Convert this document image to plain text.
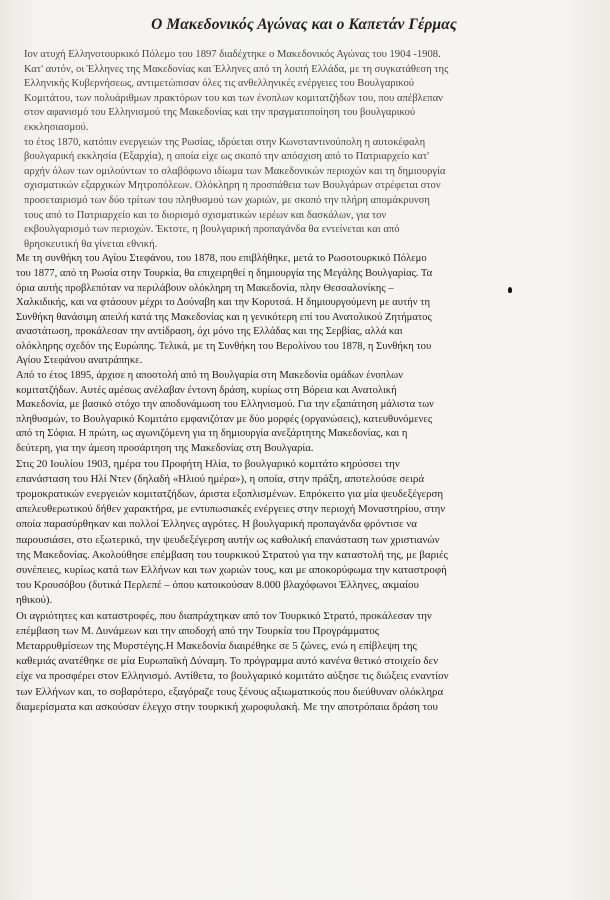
Ο Μακεδονικός Αγώνας και ο Καπετάν Γέρμας

Ιον ατυχή Ελληνοτουρκικό Πόλεμο του 1897 διαδέχτηκε ο Μακεδονικός Αγώνας του 1904 -1908.
Κατ' αυτόν, οι Έλληνες της Μακεδονίας και Έλληνες από τη λοιπή Ελλάδα, με τη συγκατάθεση της
Ελληνικής Κυβερνήσεως, αντιμετώπισαν όλες τις ανθελληνικές ενέργειες του Βουλγαρικού
Κομιτάτου, των πολυάριθμων πρακτόρων του και των ένοπλων κομιτατζήδων του, που απέβλεπαν
στον αφανισμό του Ελληνισμού της Μακεδονίας και την πραγματοποίηση του βουλγαρικού
εκκλησιασμού.

το έτος 1870, κατόπιν ενεργειών της Ρωσίας, ιδρύεται στην Κωνσταντινούπολη η αυτοκέφαλη
βουλγαρική εκκλησία (Εξαρχία), η οποία είχε ως σκοπό την απόσχιση από το Πατριαρχείο κατ'
αρχήν όλων των ομιλούντων το σλαβόφωνο ιδίωμα των Μακεδονικών περιοχών και τη δημιουργία
σχισματικών εξαρχικών Μητροπόλεων. Ολόκληρη η προσπάθεια των Βουλγάρων στρέφεται στον
προσεταιρισμό των δύο τρίτων του πληθυσμού των χωριών, με σκοπό την πλήρη απομάκρυνση
τους από το Πατριαρχείο και το διορισμό σχισματικών ιερέων και δασκάλων, για τον
εκβουλγαρισμό των περιοχών. Έκτοτε, η βουλγαρική προπαγάνδα θα εντείνεται και από
θρησκευτική θα γίνεται εθνική.

Με τη συνθήκη του Αγίου Στεφάνου, του 1878, που επιβλήθηκε, μετά το Ρωσοτουρκικό Πόλεμο
του 1877, από τη Ρωσία στην Τουρκία, θα επιχειρηθεί η δημιουργία της Μεγάλης Βουλγαρίας. Τα
όρια αυτής προβλεπόταν να περιλάβουν ολόκληρη τη Μακεδονία, πλην Θεσσαλονίκης –
Χαλκιδικής, και να φτάσουν μέχρι το Δούναβη και την Κορυτσά. Η δημιουργούμενη με αυτήν τη
Συνθήκη θανάσιμη απειλή κατά της Μακεδονίας και η γενικότερη επί του Ανατολικού Ζητήματος
αναστάτωση, προκάλεσαν την αντίδραση, όχι μόνο της Ελλάδας και της Σερβίας, αλλά και
ολόκληρης σχεδόν της Ευρώπης. Τελικά, με τη Συνθήκη του Βερολίνου του 1878, η Συνθήκη του
Αγίου Στεφάνου ανατράπηκε.

Από το έτος 1895, άρχισε η αποστολή από τη Βουλγαρία στη Μακεδονία ομάδων ένοπλων
κομιτατζήδων. Αυτές αμέσως ανέλαβαν έντονη δράση, κυρίως στη Βόρεια και Ανατολική
Μακεδονία, με βασικό στόχο την αποδυνάμωση του Ελληνισμού. Για την εξαπάτηση μάλιστα των
πληθυσμών, το Βουλγαρικό Κομιτάτο εμφανιζόταν με δύο μορφές (οργανώσεις), κατευθυνόμενες
από τη Σόφια. Η πρώτη, ως αγωνιζόμενη για τη δημιουργία ανεξάρτητης Μακεδονίας, και η
δεύτερη, για την άμεση προσάρτηση της Μακεδονίας στη Βουλγαρία.

Στις 20 Ιουλίου 1903, ημέρα του Προφήτη Ηλία, το βουλγαρικό κομιτάτο κηρύσσει την
επανάσταση του Ηλί Ντεν (δηλαδή «Ηλιού ημέρα»), η οποία, στην πράξη, αποτελούσε σειρά
τρομοκρατικών ενεργειών κομιτατζήδων, άριστα εξοπλισμένων. Επρόκειτο για μία ψευδεξέγερση
απελευθερωτικού δήθεν χαρακτήρα, με εντυπωσιακές ενέργειες στην περιοχή Μοναστηρίου, στην
οποία παρασύρθηκαν και πολλοί Έλληνες αγρότες. Η βουλγαρική προπαγάνδα φρόντισε να
παρουσιάσει, στο εξωτερικό, την ψευδεξέγερση αυτήν ως καθολική επανάσταση των χριστιανών
της Μακεδονίας. Ακολούθησε επέμβαση του τουρκικού Στρατού για την καταστολή της, με βαριές
συνέπειες, κυρίως κατά των Ελλήνων και των χωριών τους, και με αποκορύφωμα την καταστροφή
του Κρουσόβου (δυτικά Περλεπέ – όπου κατοικούσαν 8.000 βλαχόφωνοι Έλληνες, ακμαίου
ηθικού).

Οι αγριότητες και καταστροφές, που διαπράχτηκαν από τον Τουρκικό Στρατό, προκάλεσαν την
επέμβαση των Μ. Δυνάμεων και την αποδοχή από την Τουρκία του Προγράμματος
Μεταρρυθμίσεων της Μυρστέγης.Η Μακεδονία διαιρέθηκε σε 5 ζώνες, ενώ η επίβλεψη της
καθεμιάς ανατέθηκε σε μία Ευρωπαϊκή Δύναμη. Το πρόγραμμα αυτό κανένα θετικό στοιχείο δεν
είχε να προσφέρει στον Ελληνισμό. Αντίθετα, το βουλγαρικό κομιτάτο αύξησε τις διώξεις εναντίον
των Ελλήνων και, το σοβαρότερο, εξαγόραζε τους ξένους αξιωματικούς που διεύθυναν ολόκληρα
διαμερίσματα και ασκούσαν έλεγχο στην τουρκική χωροφυλακή. Με την αποτρόπαια δράση του
